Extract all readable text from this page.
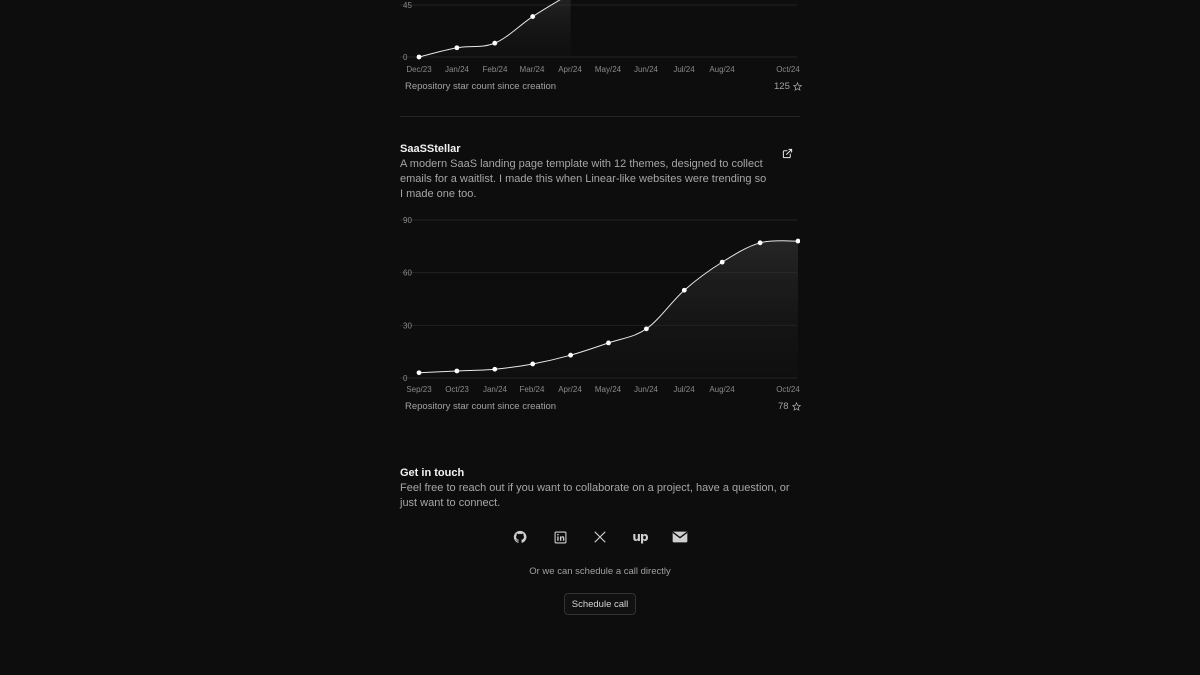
0
45
Dec/23 Jan/24 Feb/24 Mar/24 Apr/24 May/24 Jun/24 Jul/24 Aug/24	Oct/24
Repository star count since creation	125
SaaSStellar
A modern SaaS landing page template with 12 themes, designed to collect emails for a waitlist. I made this when Linear-like websites were trending so I made one too.
0
30
60
90
Sep/23 Oct/23 Jan/24 Feb/24 Apr/24 May/24 Jun/24 Jul/24 Aug/24	Oct/24
Repository star count since creation	78
Get in touch
Feel free to reach out if you want to collaborate on a project, have a question, or just want to connect.
up
Or we can schedule a call directly
Schedule call
